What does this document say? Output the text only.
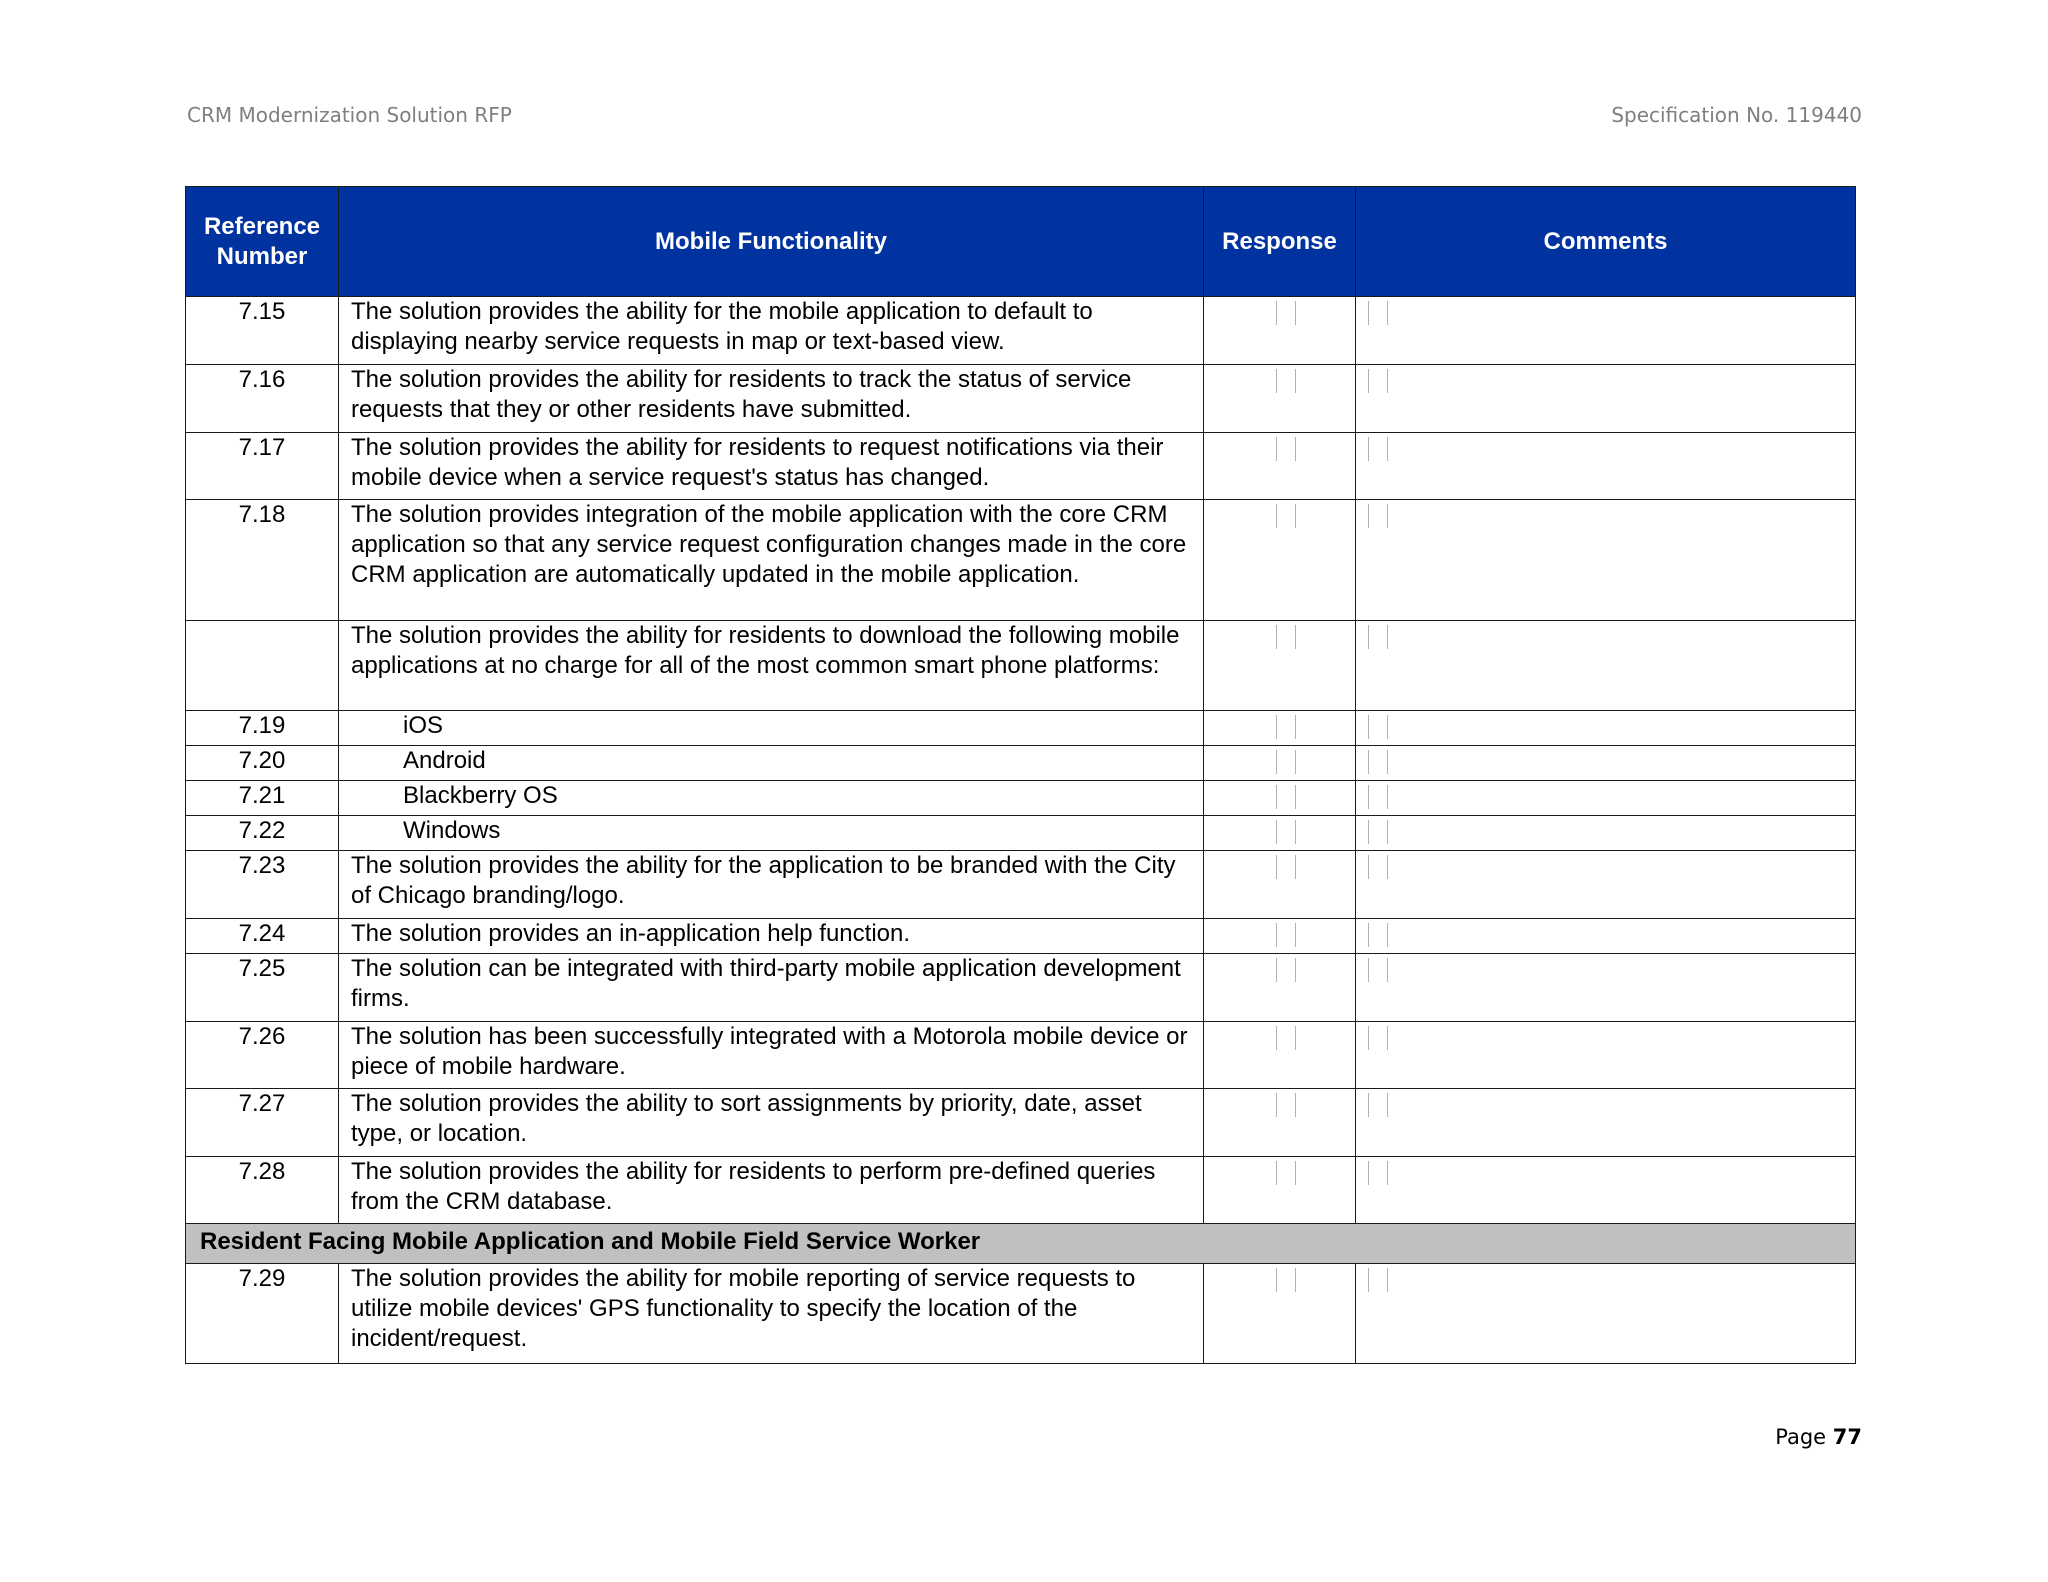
CRM Modernization Solution RFP	Specification No. 119440
Reference
Number	Mobile Functionality	Response	Comments
7.15	The solution provides the ability for the mobile application to default to displaying nearby service requests in map or text-based view.	

7.16	The solution provides the ability for residents to track the status of service requests that they or other residents have submitted.	

7.17	The solution provides the ability for residents to request notifications via their mobile device when a service request's status has changed.	

7.18	The solution provides integration of the mobile application with the core CRM application so that any service request configuration changes made in the core CRM application are automatically updated in the mobile application.	

	The solution provides the ability for residents to download the following mobile applications at no charge for all of the most common smart phone platforms:	

7.19	iOS	

7.20	Android	

7.21	Blackberry OS	

7.22	Windows	

7.23	The solution provides the ability for the application to be branded with the City of Chicago branding/logo.	

7.24	The solution provides an in-application help function.	

7.25	The solution can be integrated with third-party mobile application development firms.	

7.26	The solution has been successfully integrated with a Motorola mobile device or piece of mobile hardware.	

7.27	The solution provides the ability to sort assignments by priority, date, asset type, or location.	

7.28	The solution provides the ability for residents to perform pre-defined queries from the CRM database.	

Resident Facing Mobile Application and Mobile Field Service Worker			
7.29	The solution provides the ability for mobile reporting of service requests to utilize mobile devices' GPS functionality to specify the location of the incident/request.	

Page 77
